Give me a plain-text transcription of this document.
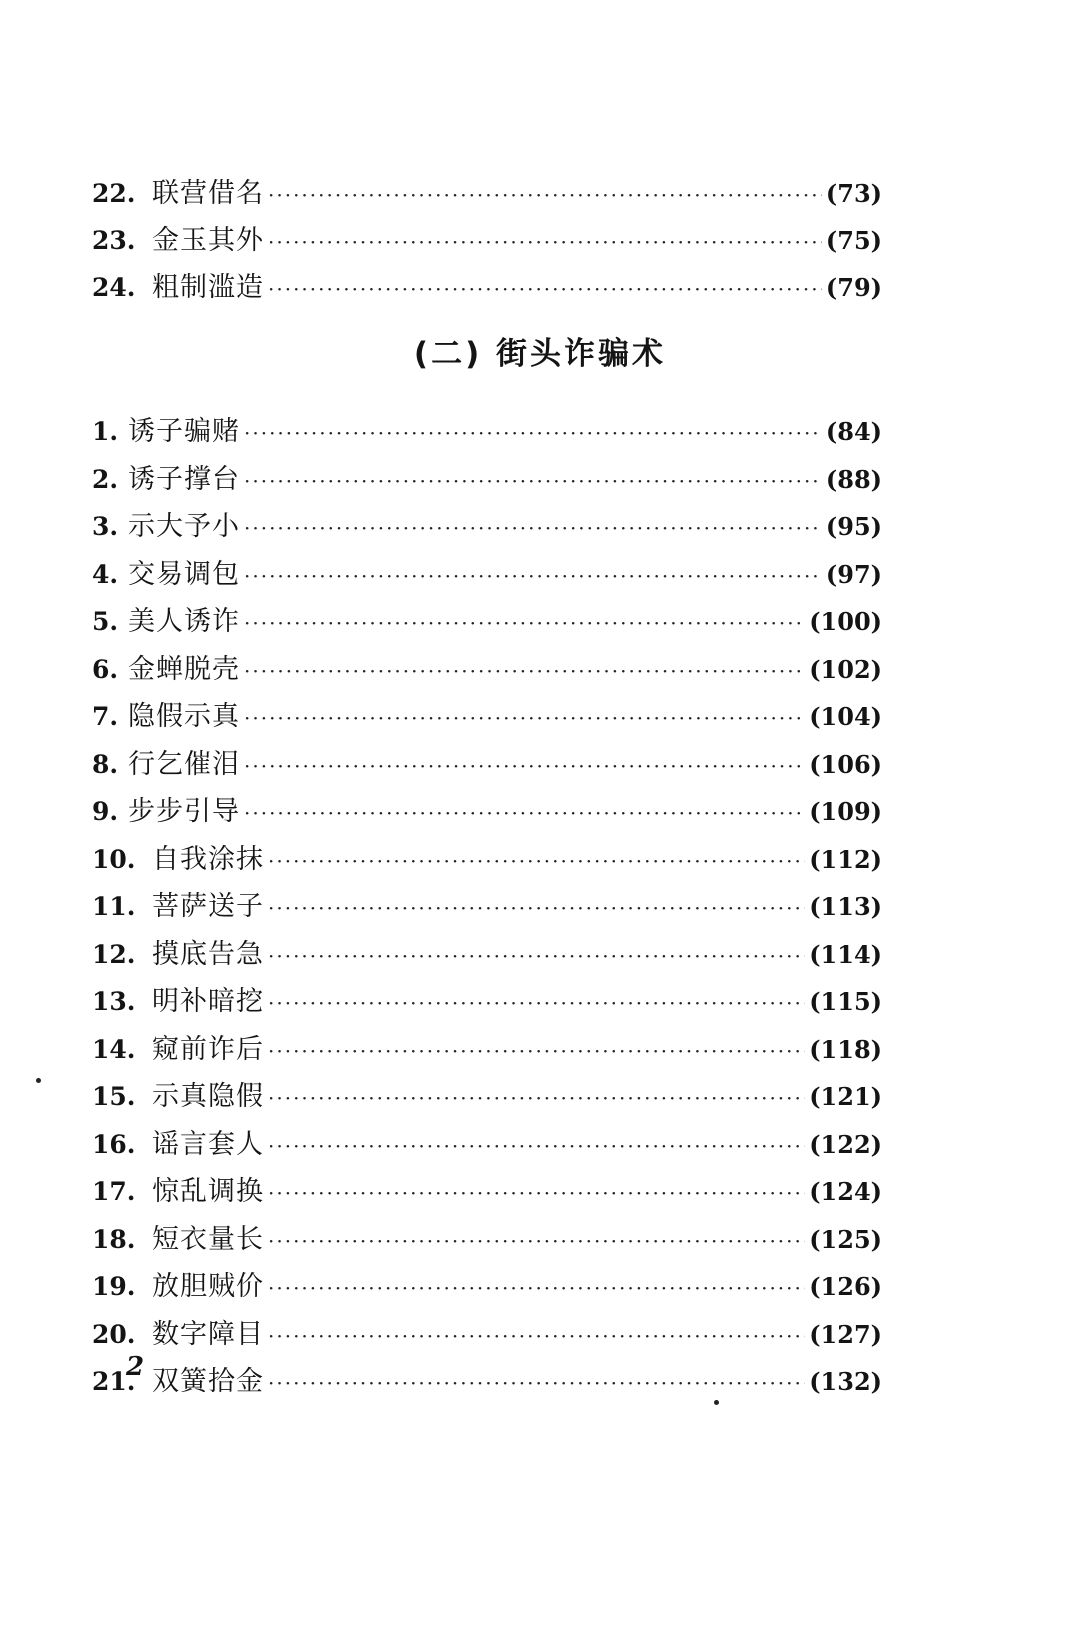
22. 联营借名 ·····	(73)
23. 金玉其外 ·····	(75)
24. 粗制滥造 ·····	(79)
(二) 街头诈骗术
1. 诱子骗赌 ·····	(84)
2. 诱子撑台 ·····	(88)
3. 示大予小 ·····	(95)
4. 交易调包 ·····	(97)
5. 美人诱诈 ·····	(100)
6. 金蝉脱壳 ·····	(102)
7. 隐假示真 ·····	(104)
8. 行乞催泪 ·····	(106)
9. 步步引导 ·····	(109)
10. 自我涂抹 ·····	(112)
11. 菩萨送子 ·····	(113)
12. 摸底告急 ·····	(114)
13. 明补暗挖 ·····	(115)
14. 窥前诈后 ·····	(118)
15. 示真隐假 ·····	(121)
16. 谣言套人 ·····	(122)
17. 惊乱调换 ·····	(124)
18. 短衣量长 ·····	(125)
19. 放胆贼价 ·····	(126)
20. 数字障目 ·····	(127)
21. 双簧拾金 ·····	(132)
2
